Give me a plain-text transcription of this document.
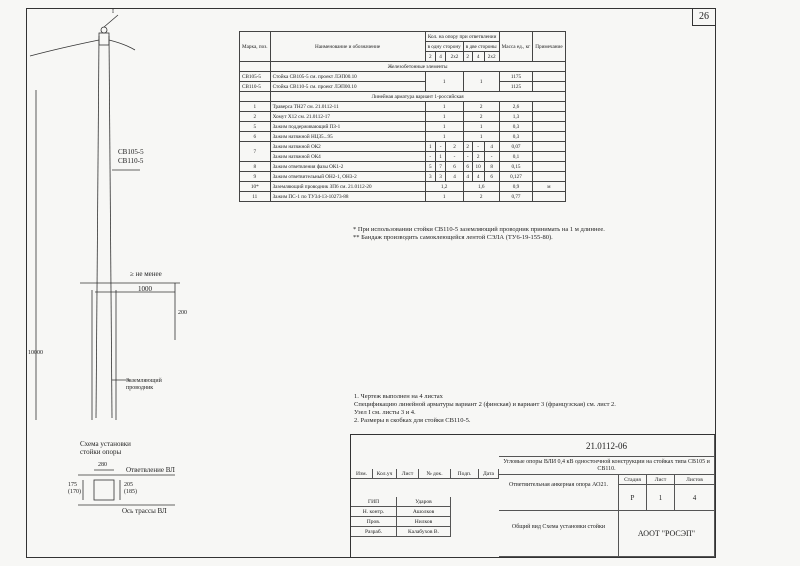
26
I
СВ105-5
СВ110-5
≥ не менее
1000
200
10000
Заземляющий проводник
Схема установки стойки опоры
280
Ответвление ВЛ
Ось трассы ВЛ
175
(170)
205
(185)
Марка, поз.	Наименование и обозначение	Кол. на опору при ответвлении						Масса ед., кг	Примечание
		в одну сторону			в две стороны				
		2	4	2x2	2	4	2x2		
	Железобетонные элементы								
СВ105-5	Стойка СВ105-5 см. проект ЛЭП00.10	1			1			1175	
СВ110-5	Стойка СВ110-5 см. проект ЛЭП00.10							1125	
	Линейная арматура вариант 1-российская								
1	Траверса ТН27 см. 21.0112-11	1			2			2,6	
2	Хомут Х12 см. 21.0112-17	1			2			1,3	
5	Зажим поддерживающий ПЗ-1	1			1			0,3	
6	Зажим натяжной НЦЗ5...95	1			1			0,3	
7	Зажим натяжной ОК2	1	-	2	2	-	4	0,07	
	Зажим натяжной ОК4	-	1	-	-	2	-	0,1	
8	Зажим ответвления фазы ОК1-2	5	7	6	6	10	8	0,15	
9	Зажим ответвительный ОН2-1, ОН3-2	3	3	4	4	4	6	0,127	
10*	Заземляющий проводник ЗП6 см. 21.0112-20	1,2			1,6			0,9	м
11	Зажим ПС-1 по ТУ34-13-10273-88	1			2			0,77	
* При использовании стойки СВ110-5 заземляющий проводник принимать на 1 м длиннее.
** Бандаж производить самоклеющейся лентой СЭЛА (ТУ6-19-155-80).
1. Чертеж выполнен на 4 листах
Спецификацию линейной арматуры вариант 2 (финская) и вариант 3 (французская) см. лист 2.
Узел I см. листы 3 и 4.
2. Размеры в скобках для стойки СВ110-5.
21.0112-06
Угловые опоры ВЛИ 0,4 кВ одностоечной конструкции на стойках типа СВ105 и СВ110.
Ответвительная анкерная опора АО21.
Стадия	Лист	Листов
Р	1	4
Общий вид Схема установки стойки
АООТ "РОСЭП"
Изм.	Кол.уч	Лист	№ док.	Подп.	Дата
ГИП	Ударов
Н. контр.	Ашолков
Пров.	Нилков
Разраб.	Калабухов В.
